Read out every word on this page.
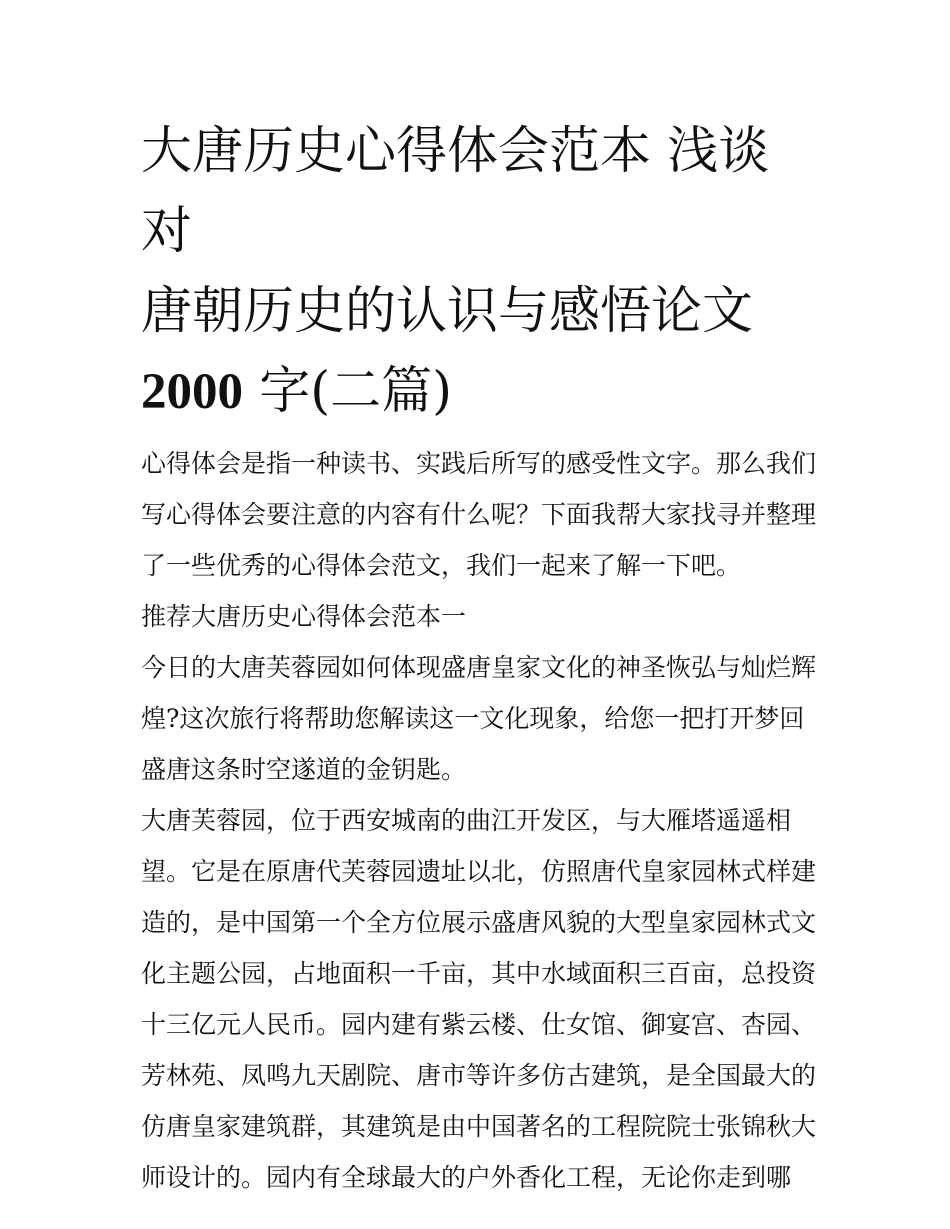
大唐历史心得体会范本 浅谈对
唐朝历史的认识与感悟论文
2000 字(二篇)

心得体会是指一种读书、实践后所写的感受性文字。那么我们写心得体会要注意的内容有什么呢？下面我帮大家找寻并整理了一些优秀的心得体会范文，我们一起来了解一下吧。

推荐大唐历史心得体会范本一

今日的大唐芙蓉园如何体现盛唐皇家文化的神圣恢弘与灿烂辉煌?这次旅行将帮助您解读这一文化现象，给您一把打开梦回盛唐这条时空遂道的金钥匙。

大唐芙蓉园，位于西安城南的曲江开发区，与大雁塔遥遥相望。它是在原唐代芙蓉园遗址以北，仿照唐代皇家园林式样建造的，是中国第一个全方位展示盛唐风貌的大型皇家园林式文化主题公园，占地面积一千亩，其中水域面积三百亩，总投资十三亿元人民币。园内建有紫云楼、仕女馆、御宴宫、杏园、芳林苑、凤鸣九天剧院、唐市等许多仿古建筑，是全国最大的仿唐皇家建筑群，其建筑是由中国著名的工程院院士张锦秋大师设计的。园内有全球最大的户外香化工程，无论你走到哪
